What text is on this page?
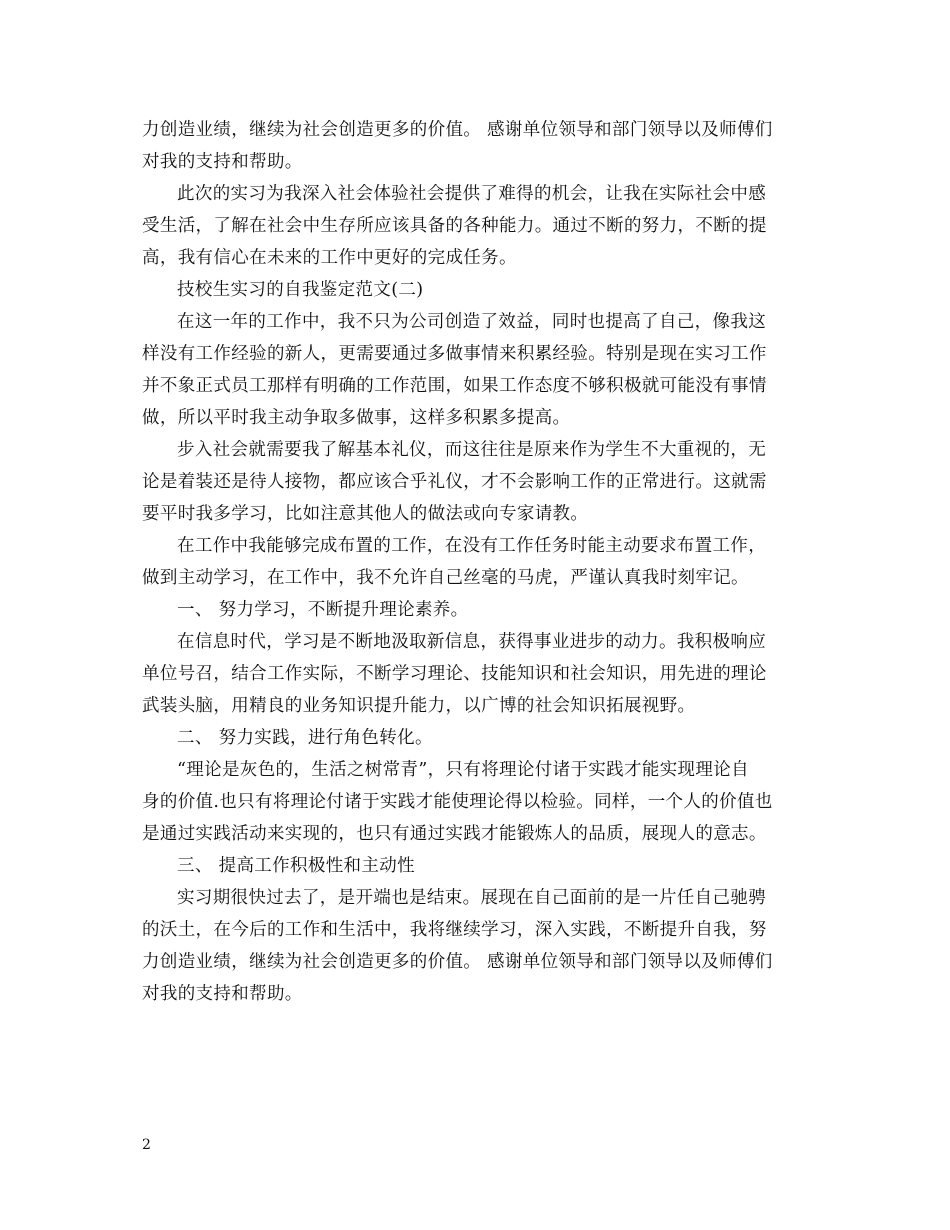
力创造业绩，继续为社会创造更多的价值。 感谢单位领导和部门领导以及师傅们
对我的支持和帮助。
此次的实习为我深入社会体验社会提供了难得的机会，让我在实际社会中感
受生活，了解在社会中生存所应该具备的各种能力。通过不断的努力，不断的提
高，我有信心在未来的工作中更好的完成任务。
技校生实习的自我鉴定范文(二)
在这一年的工作中，我不只为公司创造了效益，同时也提高了自己，像我这
样没有工作经验的新人，更需要通过多做事情来积累经验。特别是现在实习工作
并不象正式员工那样有明确的工作范围，如果工作态度不够积极就可能没有事情
做，所以平时我主动争取多做事，这样多积累多提高。
步入社会就需要我了解基本礼仪，而这往往是原来作为学生不大重视的，无
论是着装还是待人接物，都应该合乎礼仪，才不会影响工作的正常进行。这就需
要平时我多学习，比如注意其他人的做法或向专家请教。
在工作中我能够完成布置的工作，在没有工作任务时能主动要求布置工作，
做到主动学习，在工作中，我不允许自己丝毫的马虎，严谨认真我时刻牢记。
一、 努力学习，不断提升理论素养。
在信息时代，学习是不断地汲取新信息，获得事业进步的动力。我积极响应
单位号召，结合工作实际，不断学习理论、技能知识和社会知识，用先进的理论
武装头脑，用精良的业务知识提升能力，以广博的社会知识拓展视野。
二、 努力实践，进行角色转化。
“理论是灰色的，生活之树常青”，只有将理论付诸于实践才能实现理论自
身的价值.也只有将理论付诸于实践才能使理论得以检验。同样，一个人的价值也
是通过实践活动来实现的，也只有通过实践才能锻炼人的品质，展现人的意志。
三、 提高工作积极性和主动性
实习期很快过去了，是开端也是结束。展现在自己面前的是一片任自己驰骋
的沃土，在今后的工作和生活中，我将继续学习，深入实践，不断提升自我，努
力创造业绩，继续为社会创造更多的价值。 感谢单位领导和部门领导以及师傅们
对我的支持和帮助。
2
